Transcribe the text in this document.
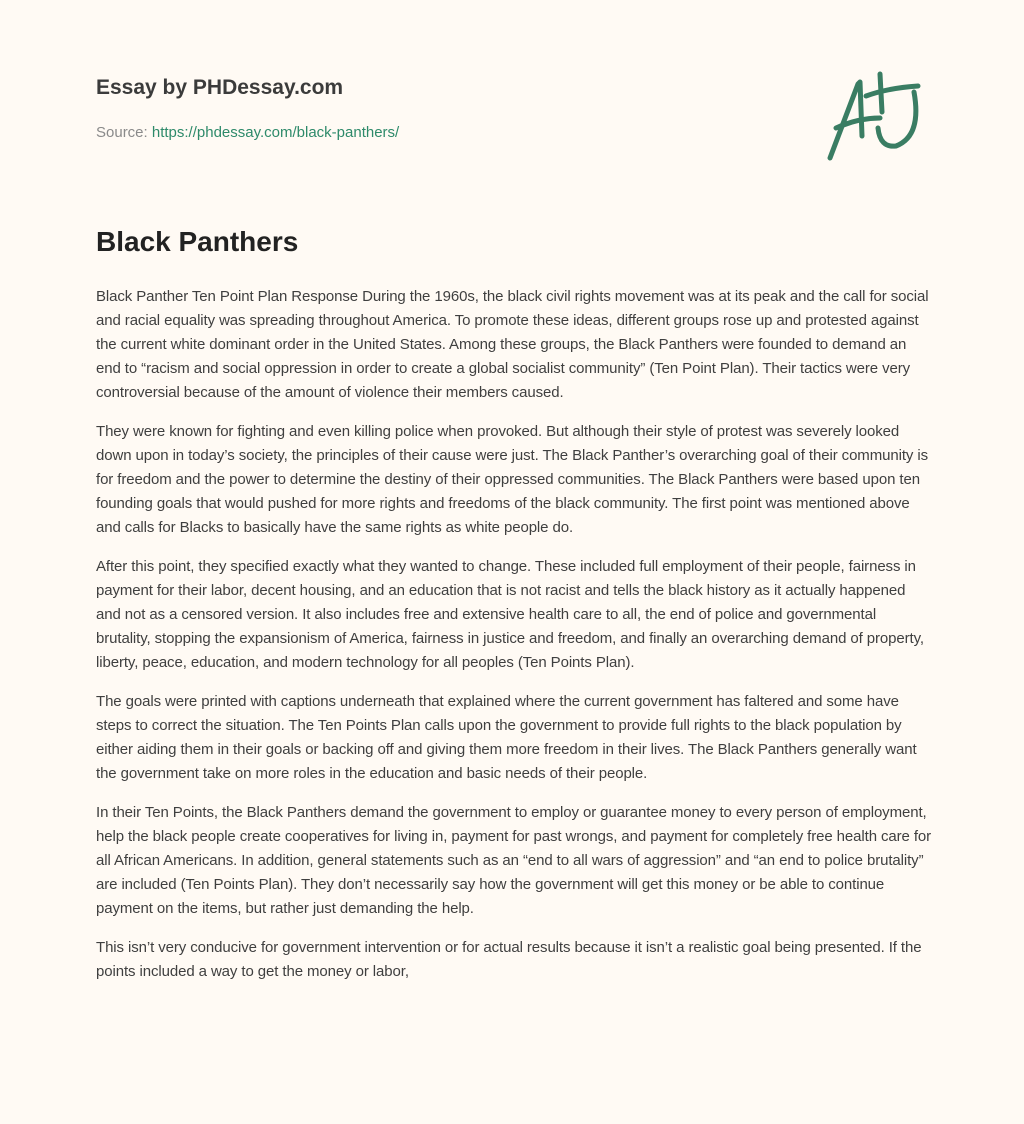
Essay by PHDessay.com
Source: https://phdessay.com/black-panthers/
Black Panthers

Black Panther Ten Point Plan Response During the 1960s, the black civil rights movement was at its peak and the call for social and racial equality was spreading throughout America. To promote these ideas, different groups rose up and protested against the current white dominant order in the United States. Among these groups, the Black Panthers were founded to demand an end to “racism and social oppression in order to create a global socialist community” (Ten Point Plan). Their tactics were very controversial because of the amount of violence their members caused.

They were known for fighting and even killing police when provoked. But although their style of protest was severely looked down upon in today’s society, the principles of their cause were just. The Black Panther’s overarching goal of their community is for freedom and the power to determine the destiny of their oppressed communities. The Black Panthers were based upon ten founding goals that would pushed for more rights and freedoms of the black community. The first point was mentioned above and calls for Blacks to basically have the same rights as white people do.

After this point, they specified exactly what they wanted to change. These included full employment of their people, fairness in payment for their labor, decent housing, and an education that is not racist and tells the black history as it actually happened and not as a censored version. It also includes free and extensive health care to all, the end of police and governmental brutality, stopping the expansionism of America, fairness in justice and freedom, and finally an overarching demand of property, liberty, peace, education, and modern technology for all peoples (Ten Points Plan).

The goals were printed with captions underneath that explained where the current government has faltered and some have steps to correct the situation. The Ten Points Plan calls upon the government to provide full rights to the black population by either aiding them in their goals or backing off and giving them more freedom in their lives. The Black Panthers generally want the government take on more roles in the education and basic needs of their people.

In their Ten Points, the Black Panthers demand the government to employ or guarantee money to every person of employment, help the black people create cooperatives for living in, payment for past wrongs, and payment for completely free health care for all African Americans. In addition, general statements such as an “end to all wars of aggression” and “an end to police brutality” are included (Ten Points Plan). They don’t necessarily say how the government will get this money or be able to continue payment on the items, but rather just demanding the help.

This isn’t very conducive for government intervention or for actual results because it isn’t a realistic goal being presented. If the points included a way to get the money or labor,
